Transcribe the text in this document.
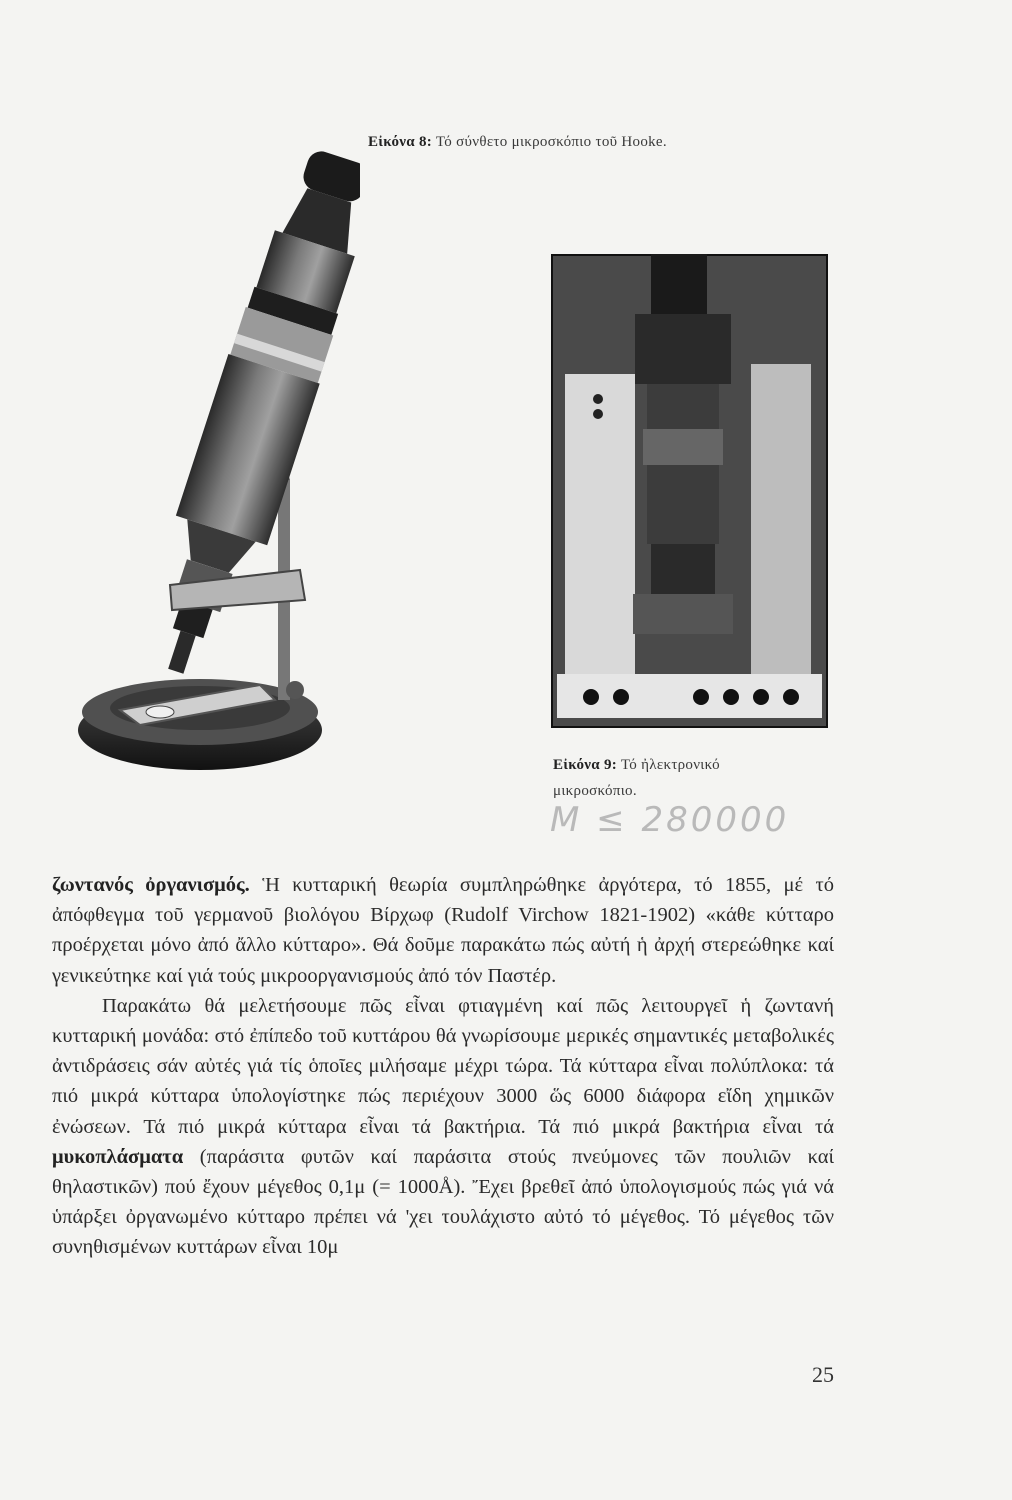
Εἰκόνα 8: Τό σύνθετο μικροσκόπιο τοῦ Hooke.
Εἰκόνα 9: Τό ἠλεκτρονικό μικροσκόπιο.
Μ ≤ 280000

ζωντανός ὀργανισμός. Ἡ κυτταρική θεωρία συμπληρώθηκε ἀργότερα, τό 1855, μέ τό ἀπόφθεγμα τοῦ γερμανοῦ βιολόγου Βίρχωφ (Rudolf Virchow 1821-1902) «κάθε κύτταρο προέρχεται μόνο ἀπό ἄλλο κύτταρο». Θά δοῦμε παρακάτω πώς αὐτή ἡ ἀρχή στερεώθηκε καί γενικεύτηκε καί γιά τούς μικροοργανισμούς ἀπό τόν Παστέρ.

Παρακάτω θά μελετήσουμε πῶς εἶναι φτιαγμένη καί πῶς λειτουργεῖ ἡ ζωντανή κυτταρική μονάδα: στό ἐπίπεδο τοῦ κυττάρου θά γνωρίσουμε μερικές σημαντικές μεταβολικές ἀντιδράσεις σάν αὐτές γιά τίς ὁποῖες μιλήσαμε μέχρι τώρα. Τά κύτταρα εἶναι πολύπλοκα: τά πιό μικρά κύτταρα ὑπολογίστηκε πώς περιέχουν 3000 ὥς 6000 διάφορα εἴδη χημικῶν ἐνώσεων. Τά πιό μικρά κύτταρα εἶναι τά βακτήρια. Τά πιό μικρά βακτήρια εἶναι τά μυκοπλάσματα (παράσιτα φυτῶν καί παράσιτα στούς πνεύμονες τῶν πουλιῶν καί θηλαστικῶν) πού ἔχουν μέγεθος 0,1μ (= 1000Å). Ἔχει βρεθεῖ ἀπό ὑπολογισμούς πώς γιά νά ὑπάρξει ὀργανωμένο κύτταρο πρέπει νά 'χει τουλάχιστο αὐτό τό μέγεθος. Τό μέγεθος τῶν συνηθισμένων κυττάρων εἶναι 10μ

25
